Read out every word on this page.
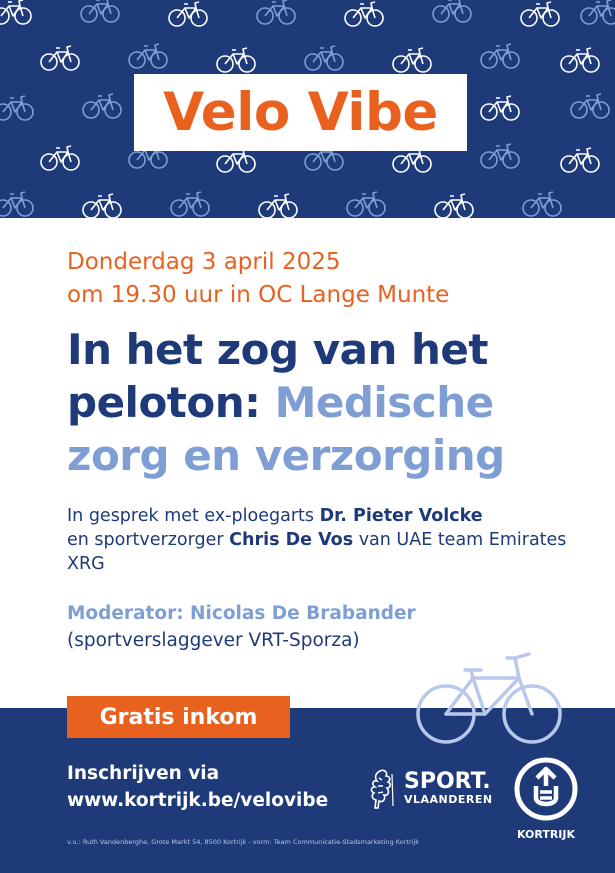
Velo Vibe
Donderdag 3 april 2025
om 19.30 uur in OC Lange Munte
In het zog van het
peloton: Medische
zorg en verzorging
In gesprek met ex-ploegarts Dr. Pieter Volcke
en sportverzorger Chris De Vos van UAE team Emirates XRG
Moderator: Nicolas De Brabander
(sportverslaggever VRT-Sporza)
Gratis inkom
Inschrijven via
www.kortrijk.be/velovibe
SPORT.
VLAANDEREN
KORTRIJK
v.u.: Ruth Vandenberghe, Grote Markt 54, 8500 Kortrijk - vorm: Team Communicatie-Stadsmarketing Kortrijk
